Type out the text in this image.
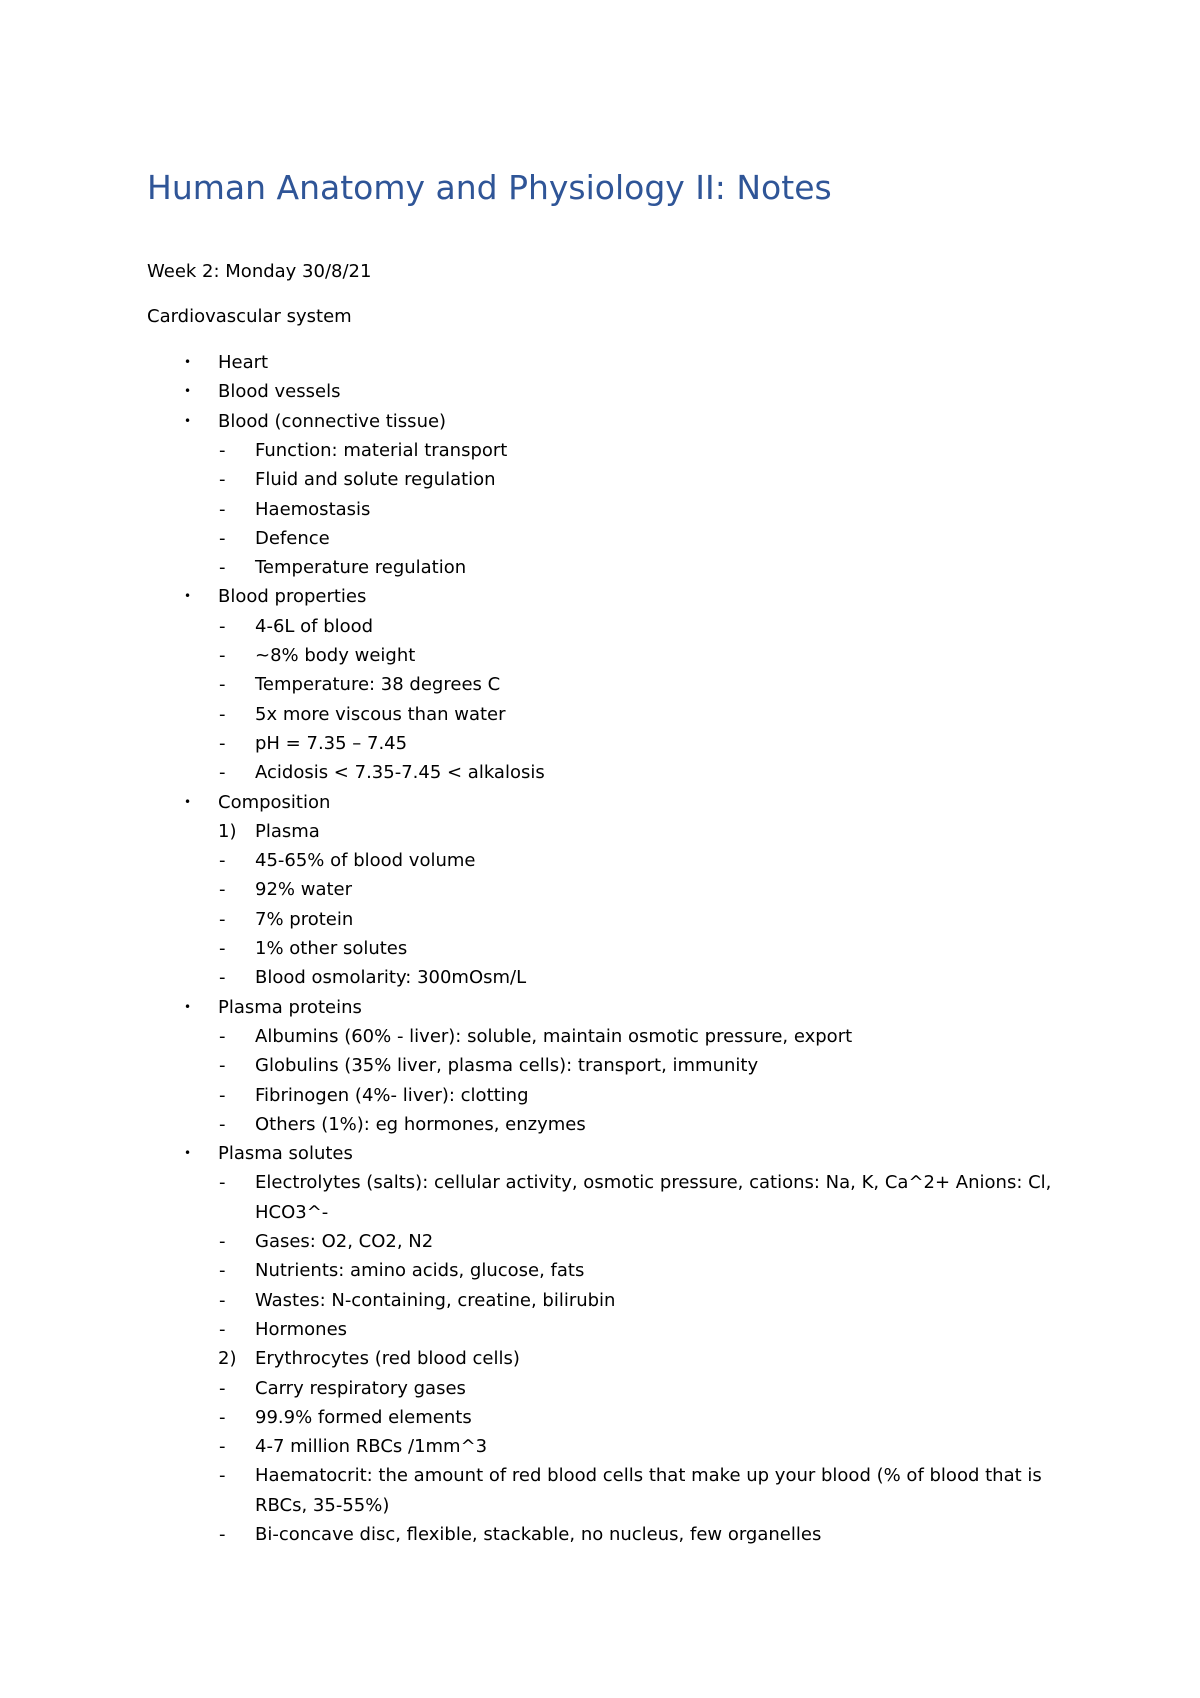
Human Anatomy and Physiology II: Notes

Week 2: Monday 30/8/21

Cardiovascular system

• Heart
• Blood vessels
• Blood (connective tissue)
- Function: material transport
- Fluid and solute regulation
- Haemostasis
- Defence
- Temperature regulation
• Blood properties
- 4-6L of blood
- ~8% body weight
- Temperature: 38 degrees C
- 5x more viscous than water
- pH = 7.35 – 7.45
- Acidosis < 7.35-7.45 < alkalosis
• Composition
1) Plasma
- 45-65% of blood volume
- 92% water
- 7% protein
- 1% other solutes
- Blood osmolarity: 300mOsm/L
• Plasma proteins
- Albumins (60% - liver): soluble, maintain osmotic pressure, export
- Globulins (35% liver, plasma cells): transport, immunity
- Fibrinogen (4%- liver): clotting
- Others (1%): eg hormones, enzymes
• Plasma solutes
- Electrolytes (salts): cellular activity, osmotic pressure, cations: Na, K, Ca^2+ Anions: Cl,
HCO3^-
- Gases: O2, CO2, N2
- Nutrients: amino acids, glucose, fats
- Wastes: N-containing, creatine, bilirubin
- Hormones
2) Erythrocytes (red blood cells)
- Carry respiratory gases
- 99.9% formed elements
- 4-7 million RBCs /1mm^3
- Haematocrit: the amount of red blood cells that make up your blood (% of blood that is
RBCs, 35-55%)
- Bi-concave disc, flexible, stackable, no nucleus, few organelles
